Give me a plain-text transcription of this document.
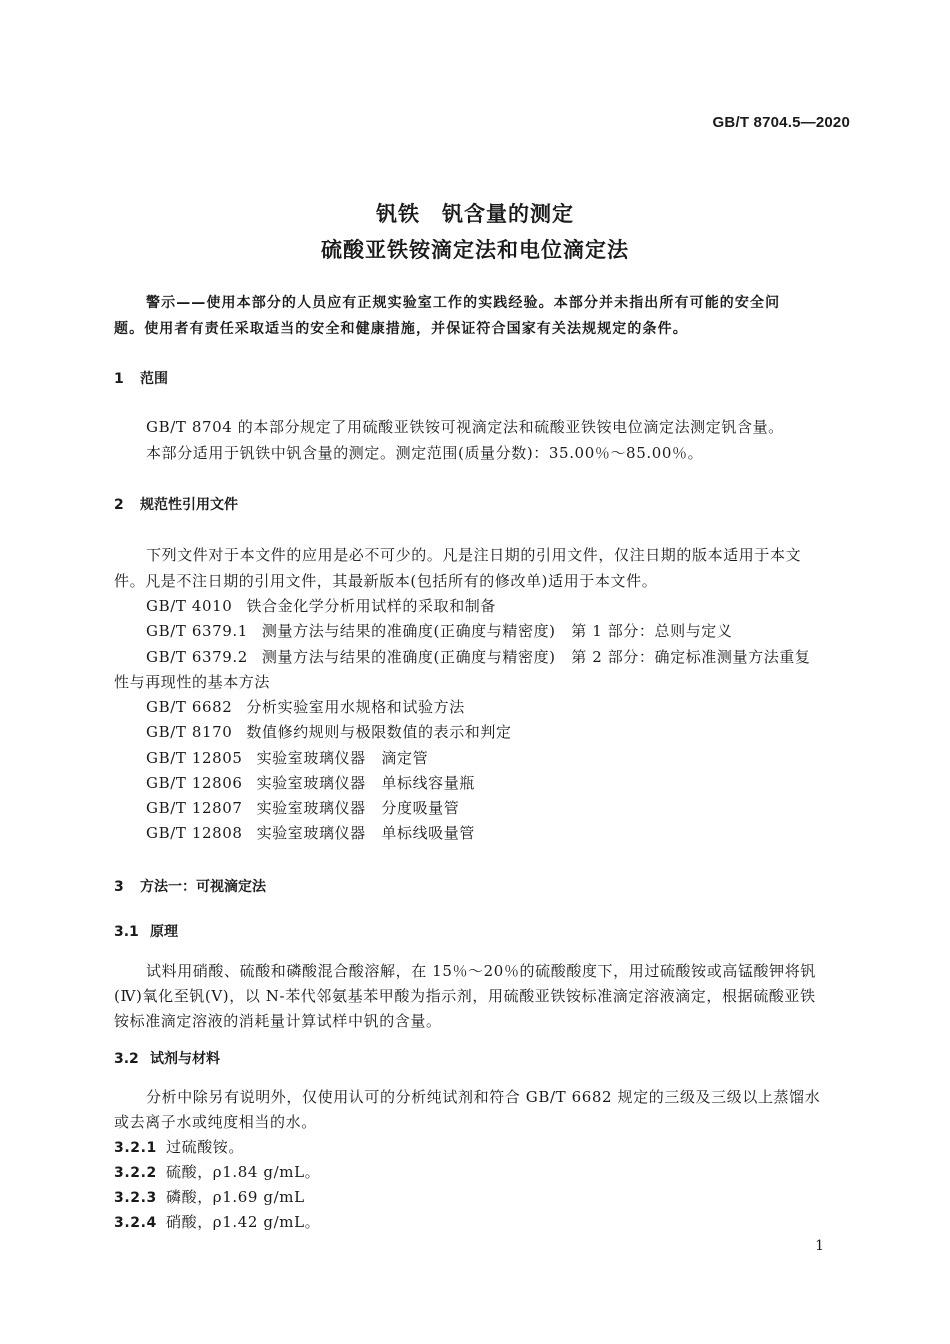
GB/T 8704.5—2020
钒铁　钒含量的测定
硫酸亚铁铵滴定法和电位滴定法
警示——使用本部分的人员应有正规实验室工作的实践经验。本部分并未指出所有可能的安全问
题。使用者有责任采取适当的安全和健康措施，并保证符合国家有关法规规定的条件。
1 范围
GB/T 8704 的本部分规定了用硫酸亚铁铵可视滴定法和硫酸亚铁铵电位滴定法测定钒含量。
本部分适用于钒铁中钒含量的测定。测定范围(质量分数)：35.00％～85.00％。
2 规范性引用文件
下列文件对于本文件的应用是必不可少的。凡是注日期的引用文件，仅注日期的版本适用于本文
件。凡是不注日期的引用文件，其最新版本(包括所有的修改单)适用于本文件。
GB/T 4010 铁合金化学分析用试样的采取和制备
GB/T 6379.1 测量方法与结果的准确度(正确度与精密度)　第 1 部分：总则与定义
GB/T 6379.2 测量方法与结果的准确度(正确度与精密度)　第 2 部分：确定标准测量方法重复
性与再现性的基本方法
GB/T 6682 分析实验室用水规格和试验方法
GB/T 8170 数值修约规则与极限数值的表示和判定
GB/T 12805 实验室玻璃仪器　滴定管
GB/T 12806 实验室玻璃仪器　单标线容量瓶
GB/T 12807 实验室玻璃仪器　分度吸量管
GB/T 12808 实验室玻璃仪器　单标线吸量管
3 方法一：可视滴定法
3.1 原理
试料用硝酸、硫酸和磷酸混合酸溶解，在 15％～20％的硫酸酸度下，用过硫酸铵或高锰酸钾将钒
(Ⅳ)氧化至钒(Ⅴ)，以 N-苯代邻氨基苯甲酸为指示剂，用硫酸亚铁铵标准滴定溶液滴定，根据硫酸亚铁
铵标准滴定溶液的消耗量计算试样中钒的含量。
3.2 试剂与材料
分析中除另有说明外，仅使用认可的分析纯试剂和符合 GB/T 6682 规定的三级及三级以上蒸馏水
或去离子水或纯度相当的水。
3.2.1 过硫酸铵。
3.2.2 硫酸，ρ1.84 g/mL。
3.2.3 磷酸，ρ1.69 g/mL
3.2.4 硝酸，ρ1.42 g/mL。
1
